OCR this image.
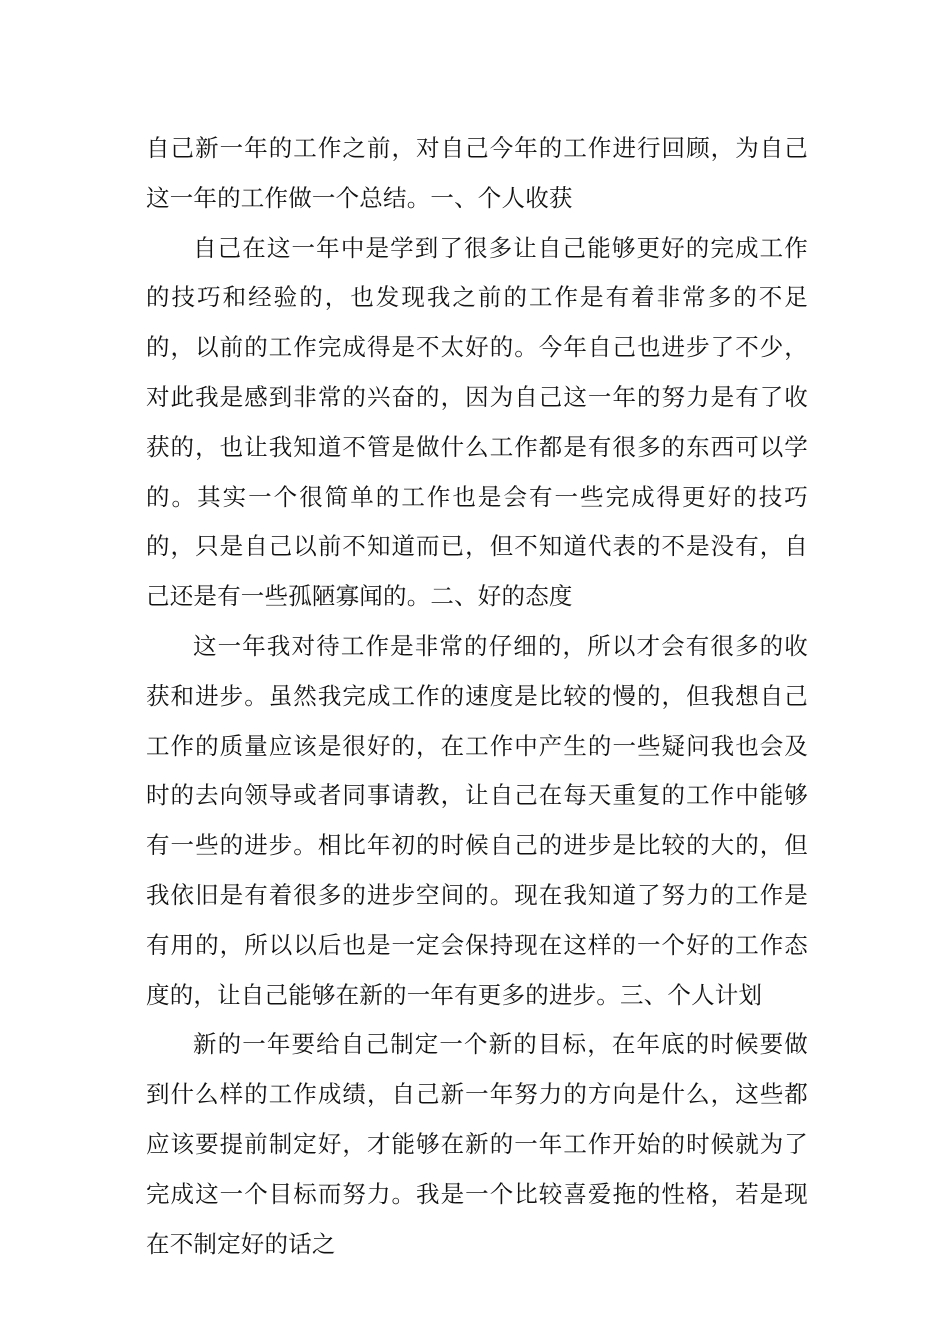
自己新一年的工作之前，对自己今年的工作进行回顾，为自己这一年的工作做一个总结。一、个人收获

自己在这一年中是学到了很多让自己能够更好的完成工作的技巧和经验的，也发现我之前的工作是有着非常多的不足的，以前的工作完成得是不太好的。今年自己也进步了不少，对此我是感到非常的兴奋的，因为自己这一年的努力是有了收获的，也让我知道不管是做什么工作都是有很多的东西可以学的。其实一个很简单的工作也是会有一些完成得更好的技巧的，只是自己以前不知道而已，但不知道代表的不是没有，自己还是有一些孤陋寡闻的。二、好的态度

这一年我对待工作是非常的仔细的，所以才会有很多的收获和进步。虽然我完成工作的速度是比较的慢的，但我想自己工作的质量应该是很好的，在工作中产生的一些疑问我也会及时的去向领导或者同事请教，让自己在每天重复的工作中能够有一些的进步。相比年初的时候自己的进步是比较的大的，但我依旧是有着很多的进步空间的。现在我知道了努力的工作是有用的，所以以后也是一定会保持现在这样的一个好的工作态度的，让自己能够在新的一年有更多的进步。三、个人计划

新的一年要给自己制定一个新的目标，在年底的时候要做到什么样的工作成绩，自己新一年努力的方向是什么，这些都应该要提前制定好，才能够在新的一年工作开始的时候就为了完成这一个目标而努力。我是一个比较喜爱拖的性格，若是现在不制定好的话之
